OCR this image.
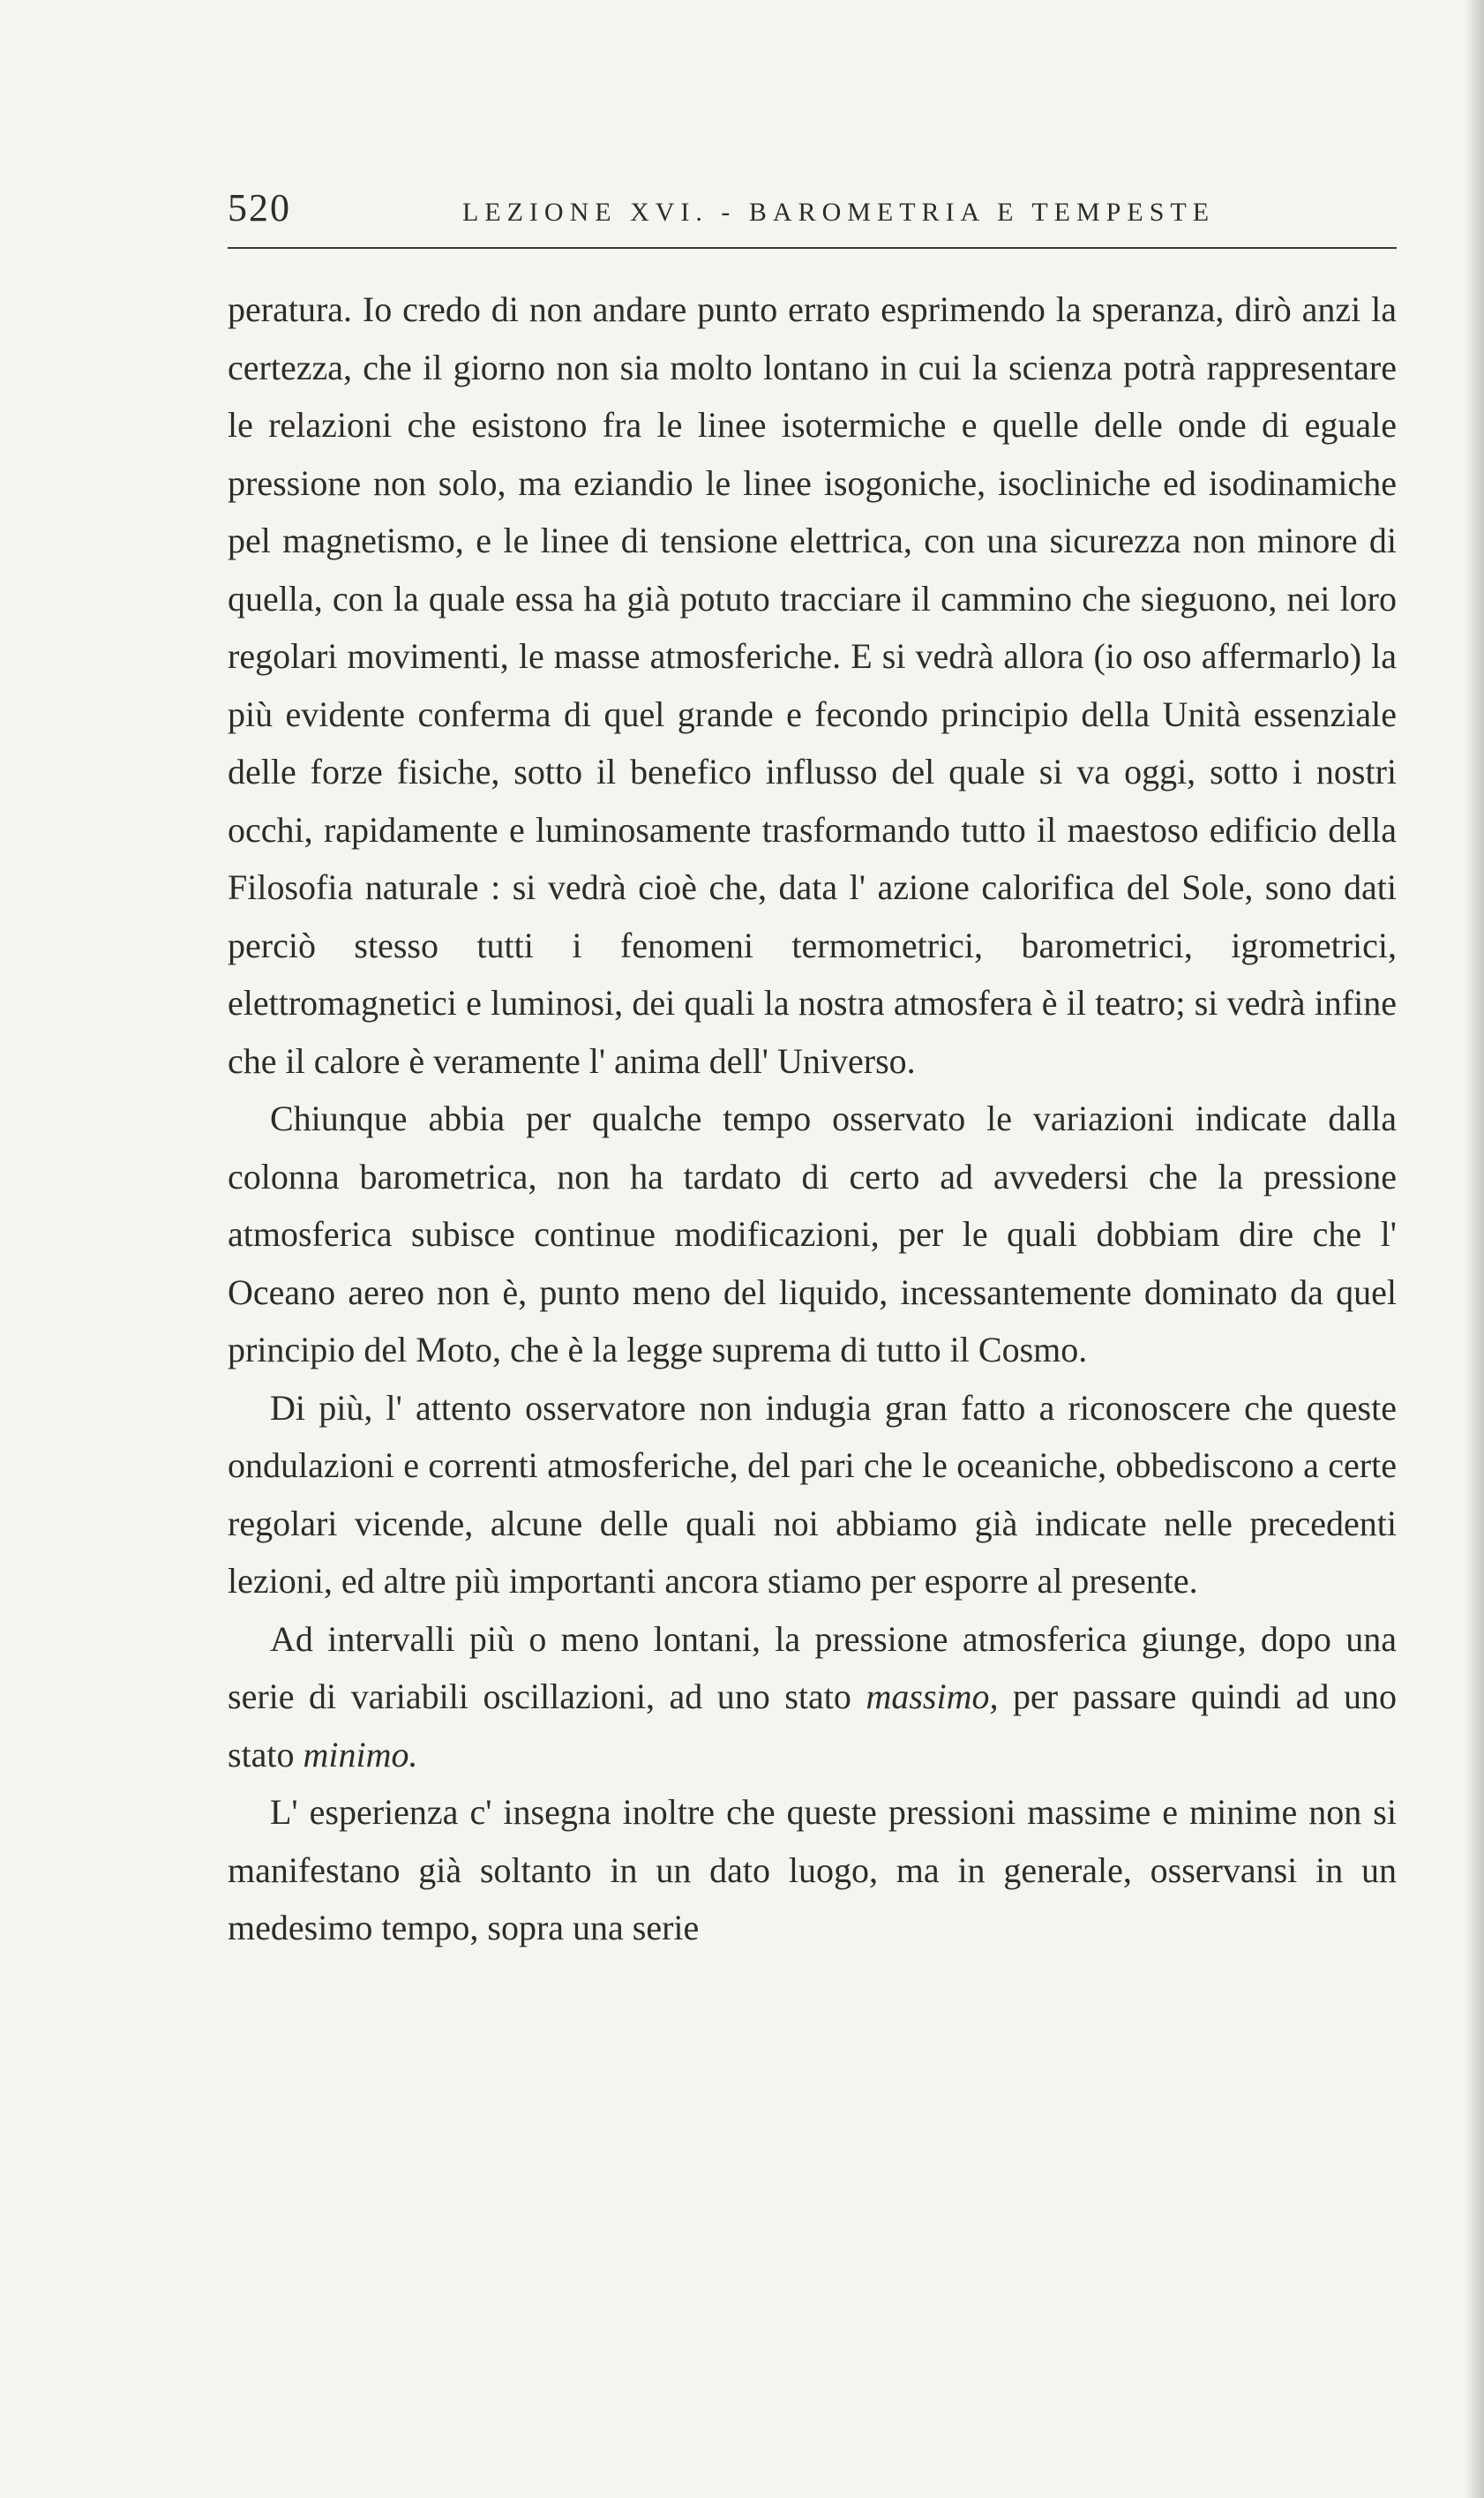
520	LEZIONE XVI. - BAROMETRIA E TEMPESTE

peratura. Io credo di non andare punto errato esprimendo la speranza, dirò anzi la certezza, che il giorno non sia molto lontano in cui la scienza potrà rappresentare le relazioni che esistono fra le linee isotermiche e quelle delle onde di eguale pressione non solo, ma eziandio le linee isogoniche, isocliniche ed isodinamiche pel magnetismo, e le linee di tensione elettrica, con una sicurezza non minore di quella, con la quale essa ha già potuto tracciare il cammino che sieguono, nei loro regolari movimenti, le masse atmosferiche. E si vedrà allora (io oso affermarlo) la più evidente conferma di quel grande e fecondo principio della Unità essenziale delle forze fisiche, sotto il benefico influsso del quale si va oggi, sotto i nostri occhi, rapidamente e luminosamente trasformando tutto il maestoso edificio della Filosofia naturale : si vedrà cioè che, data l' azione calorifica del Sole, sono dati perciò stesso tutti i fenomeni termometrici, barometrici, igrometrici, elettromagnetici e luminosi, dei quali la nostra atmosfera è il teatro; si vedrà infine che il calore è veramente l' anima dell' Universo.

Chiunque abbia per qualche tempo osservato le variazioni indicate dalla colonna barometrica, non ha tardato di certo ad avvedersi che la pressione atmosferica subisce continue modificazioni, per le quali dobbiam dire che l' Oceano aereo non è, punto meno del liquido, incessantemente dominato da quel principio del Moto, che è la legge suprema di tutto il Cosmo.

Di più, l' attento osservatore non indugia gran fatto a riconoscere che queste ondulazioni e correnti atmosferiche, del pari che le oceaniche, obbediscono a certe regolari vicende, alcune delle quali noi abbiamo già indicate nelle precedenti lezioni, ed altre più importanti ancora stiamo per esporre al presente.

Ad intervalli più o meno lontani, la pressione atmosferica giunge, dopo una serie di variabili oscillazioni, ad uno stato massimo, per passare quindi ad uno stato minimo.

L' esperienza c' insegna inoltre che queste pressioni massime e minime non si manifestano già soltanto in un dato luogo, ma in generale, osservansi in un medesimo tempo, sopra una serie
